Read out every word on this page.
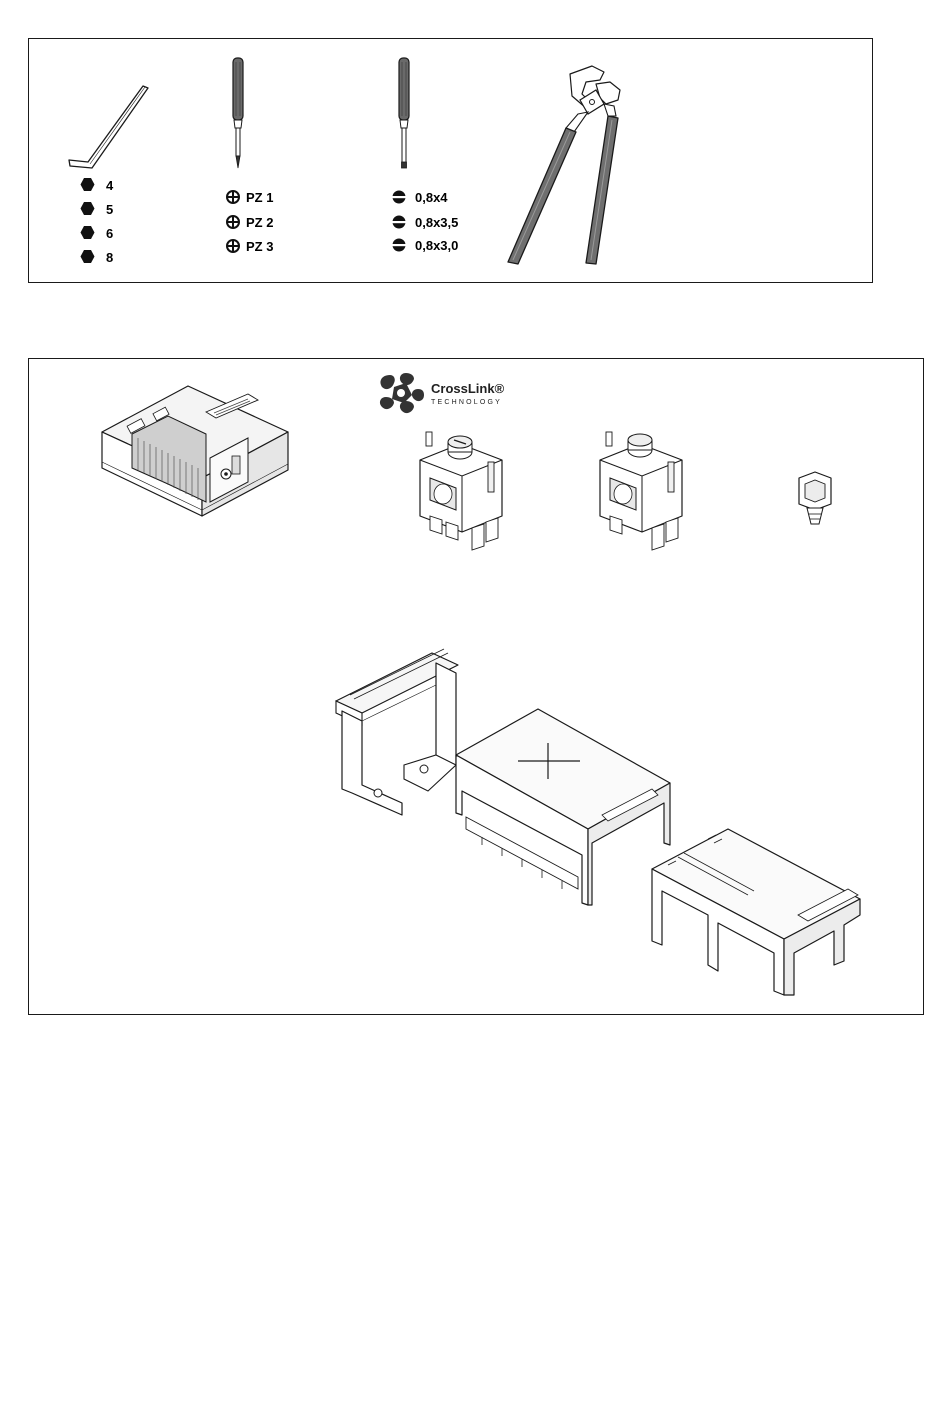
4
5
6
8
PZ 1
PZ 2
PZ 3
0,8x4
0,8x3,5
0,8x3,0
CrossLink®
TECHNOLOGY
